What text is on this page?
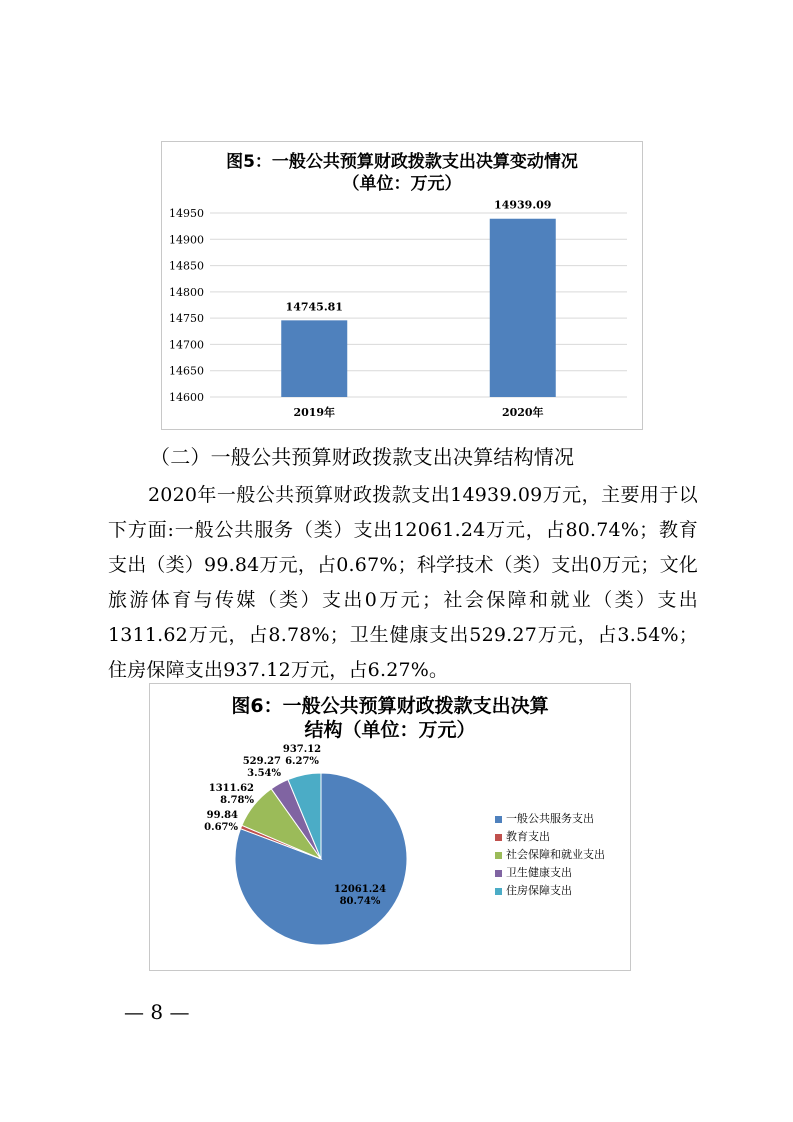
图5：一般公共预算财政拨款支出决算变动情况
（单位：万元）
14600
14650
14700
14750
14800
14850
14900
14950
14745.81
2019年
14939.09
2020年
（二）一般公共预算财政拨款支出决算结构情况
2020年一般公共预算财政拨款支出14939.09万元，主要用于以下方面:一般公共服务（类）支出12061.24万元，占80.74%；教育支出（类）99.84万元，占0.67%；科学技术（类）支出0万元；文化旅游体育与传媒（类）支出0万元；社会保障和就业（类）支出1311.62万元，占8.78%；卫生健康支出529.27万元，占3.54%；住房保障支出937.12万元，占6.27%。
图6：一般公共预算财政拨款支出决算
结构（单位：万元）
12061.24
80.74%
99.84
0.67%
1311.62
8.78%
529.27
3.54%
937.12
6.27%
一般公共服务支出
教育支出
社会保障和就业支出
卫生健康支出
住房保障支出
— 8 —
